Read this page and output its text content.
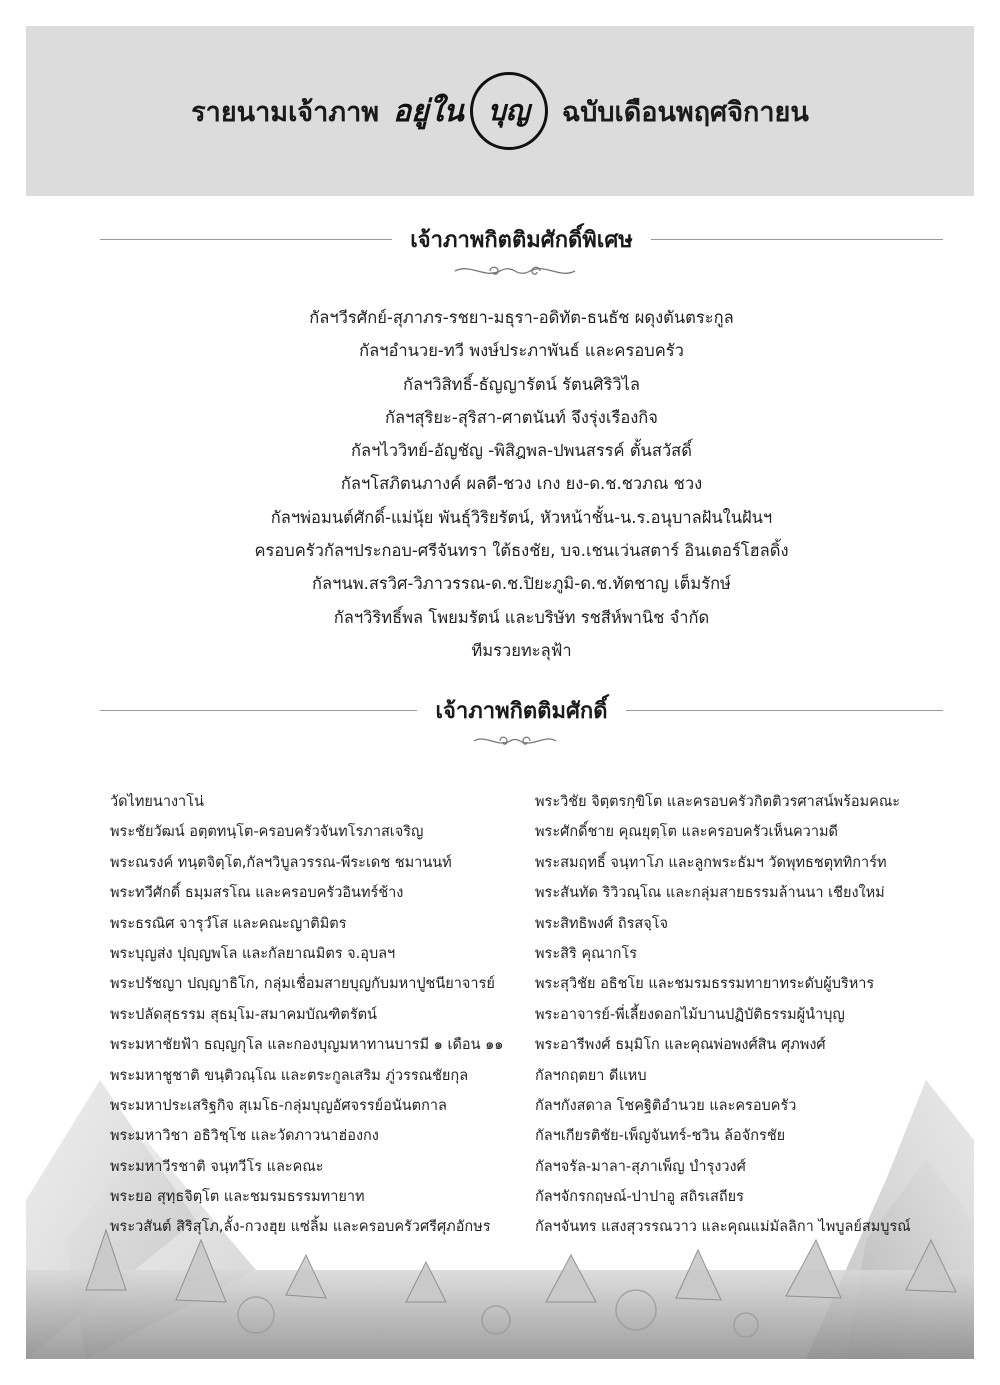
รายนามเจ้าภาพ อยู่ใน บุญ ฉบับเดือนพฤศจิกายน
เจ้าภาพกิตติมศักดิ์พิเศษ
กัลฯวีรศักย์-สุภาภร-รชยา-มธุรา-อดิทัต-ธนธัช ผดุงตันตระกูล
กัลฯอำนวย-ทวี พงษ์ประภาพันธ์ และครอบครัว
กัลฯวิสิทธิ์-ธัญญารัตน์ รัตนศิริวิไล
กัลฯสุริยะ-สุริสา-ศาตนันท์ จึงรุ่งเรืองกิจ
กัลฯไววิทย์-อัญชัญ -พิสิฎพล-ปพนสรรค์ ตั้นสวัสดิ์
กัลฯโสภิตนภางค์ ผลดี-ชวง เกง ยง-ด.ช.ชวภณ ชวง
กัลฯพ่อมนต์ศักดิ์-แม่นุ้ย พันธุ์วิริยรัตน์, หัวหน้าชั้น-น.ร.อนุบาลฝันในฝันฯ
ครอบครัวกัลฯประกอบ-ศรีจันทรา ใต้ธงชัย, บจ.เชนเว่นสตาร์ อินเตอร์โฮลดิ้ง
กัลฯนพ.สรวิศ-วิภาวรรณ-ด.ช.ปิยะภูมิ-ด.ช.ทัตชาญ เต็มรักษ์
กัลฯวิริทธิ์พล โพยมรัตน์ และบริษัท รชสีห์พานิช จำกัด
ทีมรวยทะลุฟ้า
เจ้าภาพกิตติมศักดิ์
วัดไทยนางาโน่
พระชัยวัฒน์ อตฺตทนฺโต-ครอบครัวจันทโรภาสเจริญ
พระณรงค์ ทนฺตจิตฺโต,กัลฯวิบูลวรรณ-พีระเดช ชมานนท์
พระทวีศักดิ์ ธมฺมสรโณ และครอบครัวอินทร์ช้าง
พระธรณิศ จารุวํโส และคณะญาติมิตร
พระบุญส่ง ปุญฺญพโล และกัลยาณมิตร จ.อุบลฯ
พระปรัชญา ปญฺญาธิโก, กลุ่มเชื่อมสายบุญกับมหาปูชนียาจารย์
พระปลัดสุธรรม สุธมฺโม-สมาคมบัณฑิตรัตน์
พระมหาชัยฟ้า ธญฺญกุโล และกองบุญมหาทานบารมี ๑ เดือน ๑๑
พระมหาชูชาติ ขนฺติวณฺโณ และตระกูลเสริม ภู่วรรณชัยกุล
พระมหาประเสริฐกิจ สุเมโธ-กลุ่มบุญอัศจรรย์อนันตกาล
พระมหาวิชา อธิวิชฺโช และวัดภาวนาฮ่องกง
พระมหาวีรชาติ จนฺทวีโร และคณะ
พระยอ สุทฺธจิตฺโต และชมรมธรรมทายาท
พระวสันต์ สิริสุโภ,ลั้ง-กวงฮุย แซ่ลิ้ม และครอบครัวศรีศุภอักษร
พระวิชัย จิตฺตรกฺขิโต และครอบครัวกิตติวรศาสน์พร้อมคณะ
พระศักดิ์ชาย คุณยุตฺโต และครอบครัวเห็นความดี
พระสมฤทธิ์ จนฺทาโภ และลูกพระธัมฯ วัดพุทธชตุททิการ์ท
พระสันทัด ริวิวณฺโณ และกลุ่มสายธรรมล้านนา เชียงใหม่
พระสิทธิพงศ์ ถิรสจฺโจ
พระสิริ คุณากโร
พระสุวิชัย อธิชโย และชมรมธรรมทายาทระดับผู้บริหาร
พระอาจารย์-พี่เลี้ยงดอกไม้บานปฏิบัติธรรมผู้นำบุญ
พระอารีพงศ์ ธมฺมิโก และคุณพ่อพงศ์สิน ศุภพงศ์
กัลฯกฤตยา ดีแหบ
กัลฯกังสดาล โชคฐิติอำนวย และครอบครัว
กัลฯเกียรติชัย-เพ็ญจันทร์-ชวิน ล้อจักรชัย
กัลฯจรัล-มาลา-สุภาเพ็ญ บำรุงวงศ์
กัลฯจักรกฤษณ์-ปาปาอู สถิรเสถียร
กัลฯจันทร แสงสุวรรณวาว และคุณแม่มัลลิกา ไพบูลย์สมบูรณ์
